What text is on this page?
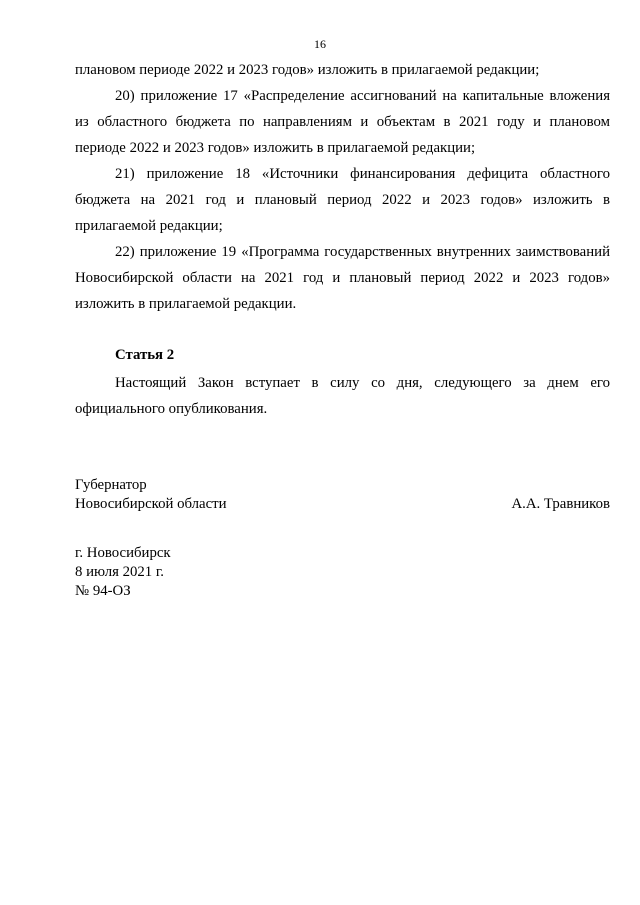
16

плановом периоде 2022 и 2023 годов» изложить в прилагаемой редакции;

20) приложение 17 «Распределение ассигнований на капитальные вложения из областного бюджета по направлениям и объектам в 2021 году и плановом периоде 2022 и 2023 годов» изложить в прилагаемой редакции;

21) приложение 18 «Источники финансирования дефицита областного бюджета на 2021 год и плановый период 2022 и 2023 годов» изложить в прилагаемой редакции;

22) приложение 19 «Программа государственных внутренних заимствований Новосибирской области на 2021 год и плановый период 2022 и 2023 годов» изложить в прилагаемой редакции.

Статья 2

Настоящий Закон вступает в силу со дня, следующего за днем его официального опубликования.

Губернатор
Новосибирской области	А.А. Травников
г. Новосибирск
8 июля 2021 г.
№ 94-ОЗ
